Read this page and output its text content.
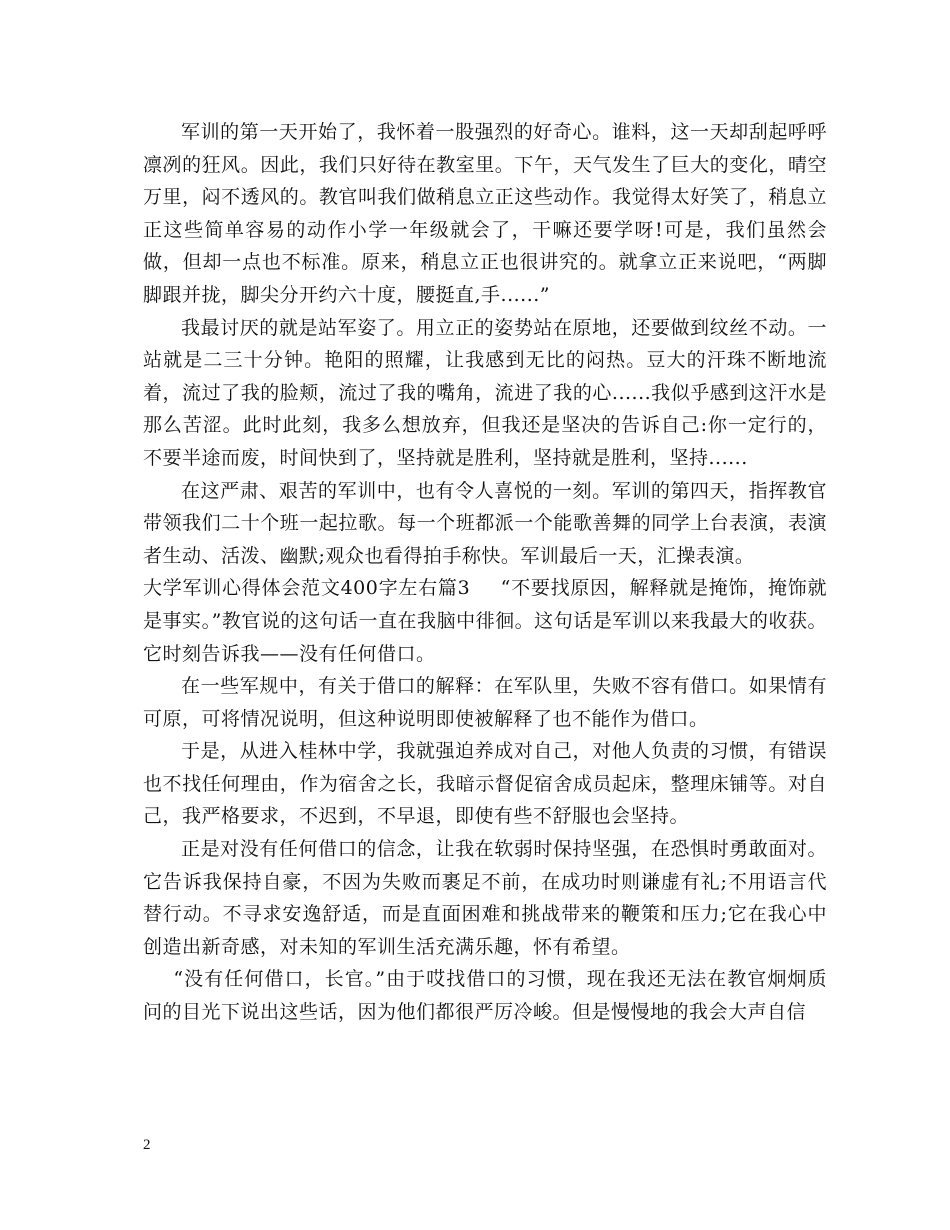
军训的第一天开始了，我怀着一股强烈的好奇心。谁料，这一天却刮起呼呼凛冽的狂风。因此，我们只好待在教室里。下午，天气发生了巨大的变化，晴空万里，闷不透风的。教官叫我们做稍息立正这些动作。我觉得太好笑了，稍息立正这些简单容易的动作小学一年级就会了，干嘛还要学呀!可是，我们虽然会做，但却一点也不标准。原来，稍息立正也很讲究的。就拿立正来说吧，“两脚脚跟并拢，脚尖分开约六十度，腰挺直,手......”

我最讨厌的就是站军姿了。用立正的姿势站在原地，还要做到纹丝不动。一站就是二三十分钟。艳阳的照耀，让我感到无比的闷热。豆大的汗珠不断地流着，流过了我的脸颊，流过了我的嘴角，流进了我的心......我似乎感到这汗水是那么苦涩。此时此刻，我多么想放弃，但我还是坚决的告诉自己:你一定行的，不要半途而废，时间快到了，坚持就是胜利，坚持就是胜利，坚持......

在这严肃、艰苦的军训中，也有令人喜悦的一刻。军训的第四天，指挥教官带领我们二十个班一起拉歌。每一个班都派一个能歌善舞的同学上台表演，表演者生动、活泼、幽默;观众也看得拍手称快。军训最后一天，汇操表演。

大学军训心得体会范文400字左右篇3 “不要找原因，解释就是掩饰，掩饰就是事实。”教官说的这句话一直在我脑中徘徊。这句话是军训以来我最大的收获。它时刻告诉我——没有任何借口。

在一些军规中，有关于借口的解释：在军队里，失败不容有借口。如果情有可原，可将情况说明，但这种说明即使被解释了也不能作为借口。

于是，从进入桂林中学，我就强迫养成对自己，对他人负责的习惯，有错误也不找任何理由，作为宿舍之长，我暗示督促宿舍成员起床，整理床铺等。对自己，我严格要求，不迟到，不早退，即使有些不舒服也会坚持。

正是对没有任何借口的信念，让我在软弱时保持坚强，在恐惧时勇敢面对。它告诉我保持自豪，不因为失败而裹足不前，在成功时则谦虚有礼;不用语言代替行动。不寻求安逸舒适，而是直面困难和挑战带来的鞭策和压力;它在我心中创造出新奇感，对未知的军训生活充满乐趣，怀有希望。

“没有任何借口，长官。”由于哎找借口的习惯，现在我还无法在教官炯炯质问的目光下说出这些话，因为他们都很严厉冷峻。但是慢慢地的我会大声自信

2
